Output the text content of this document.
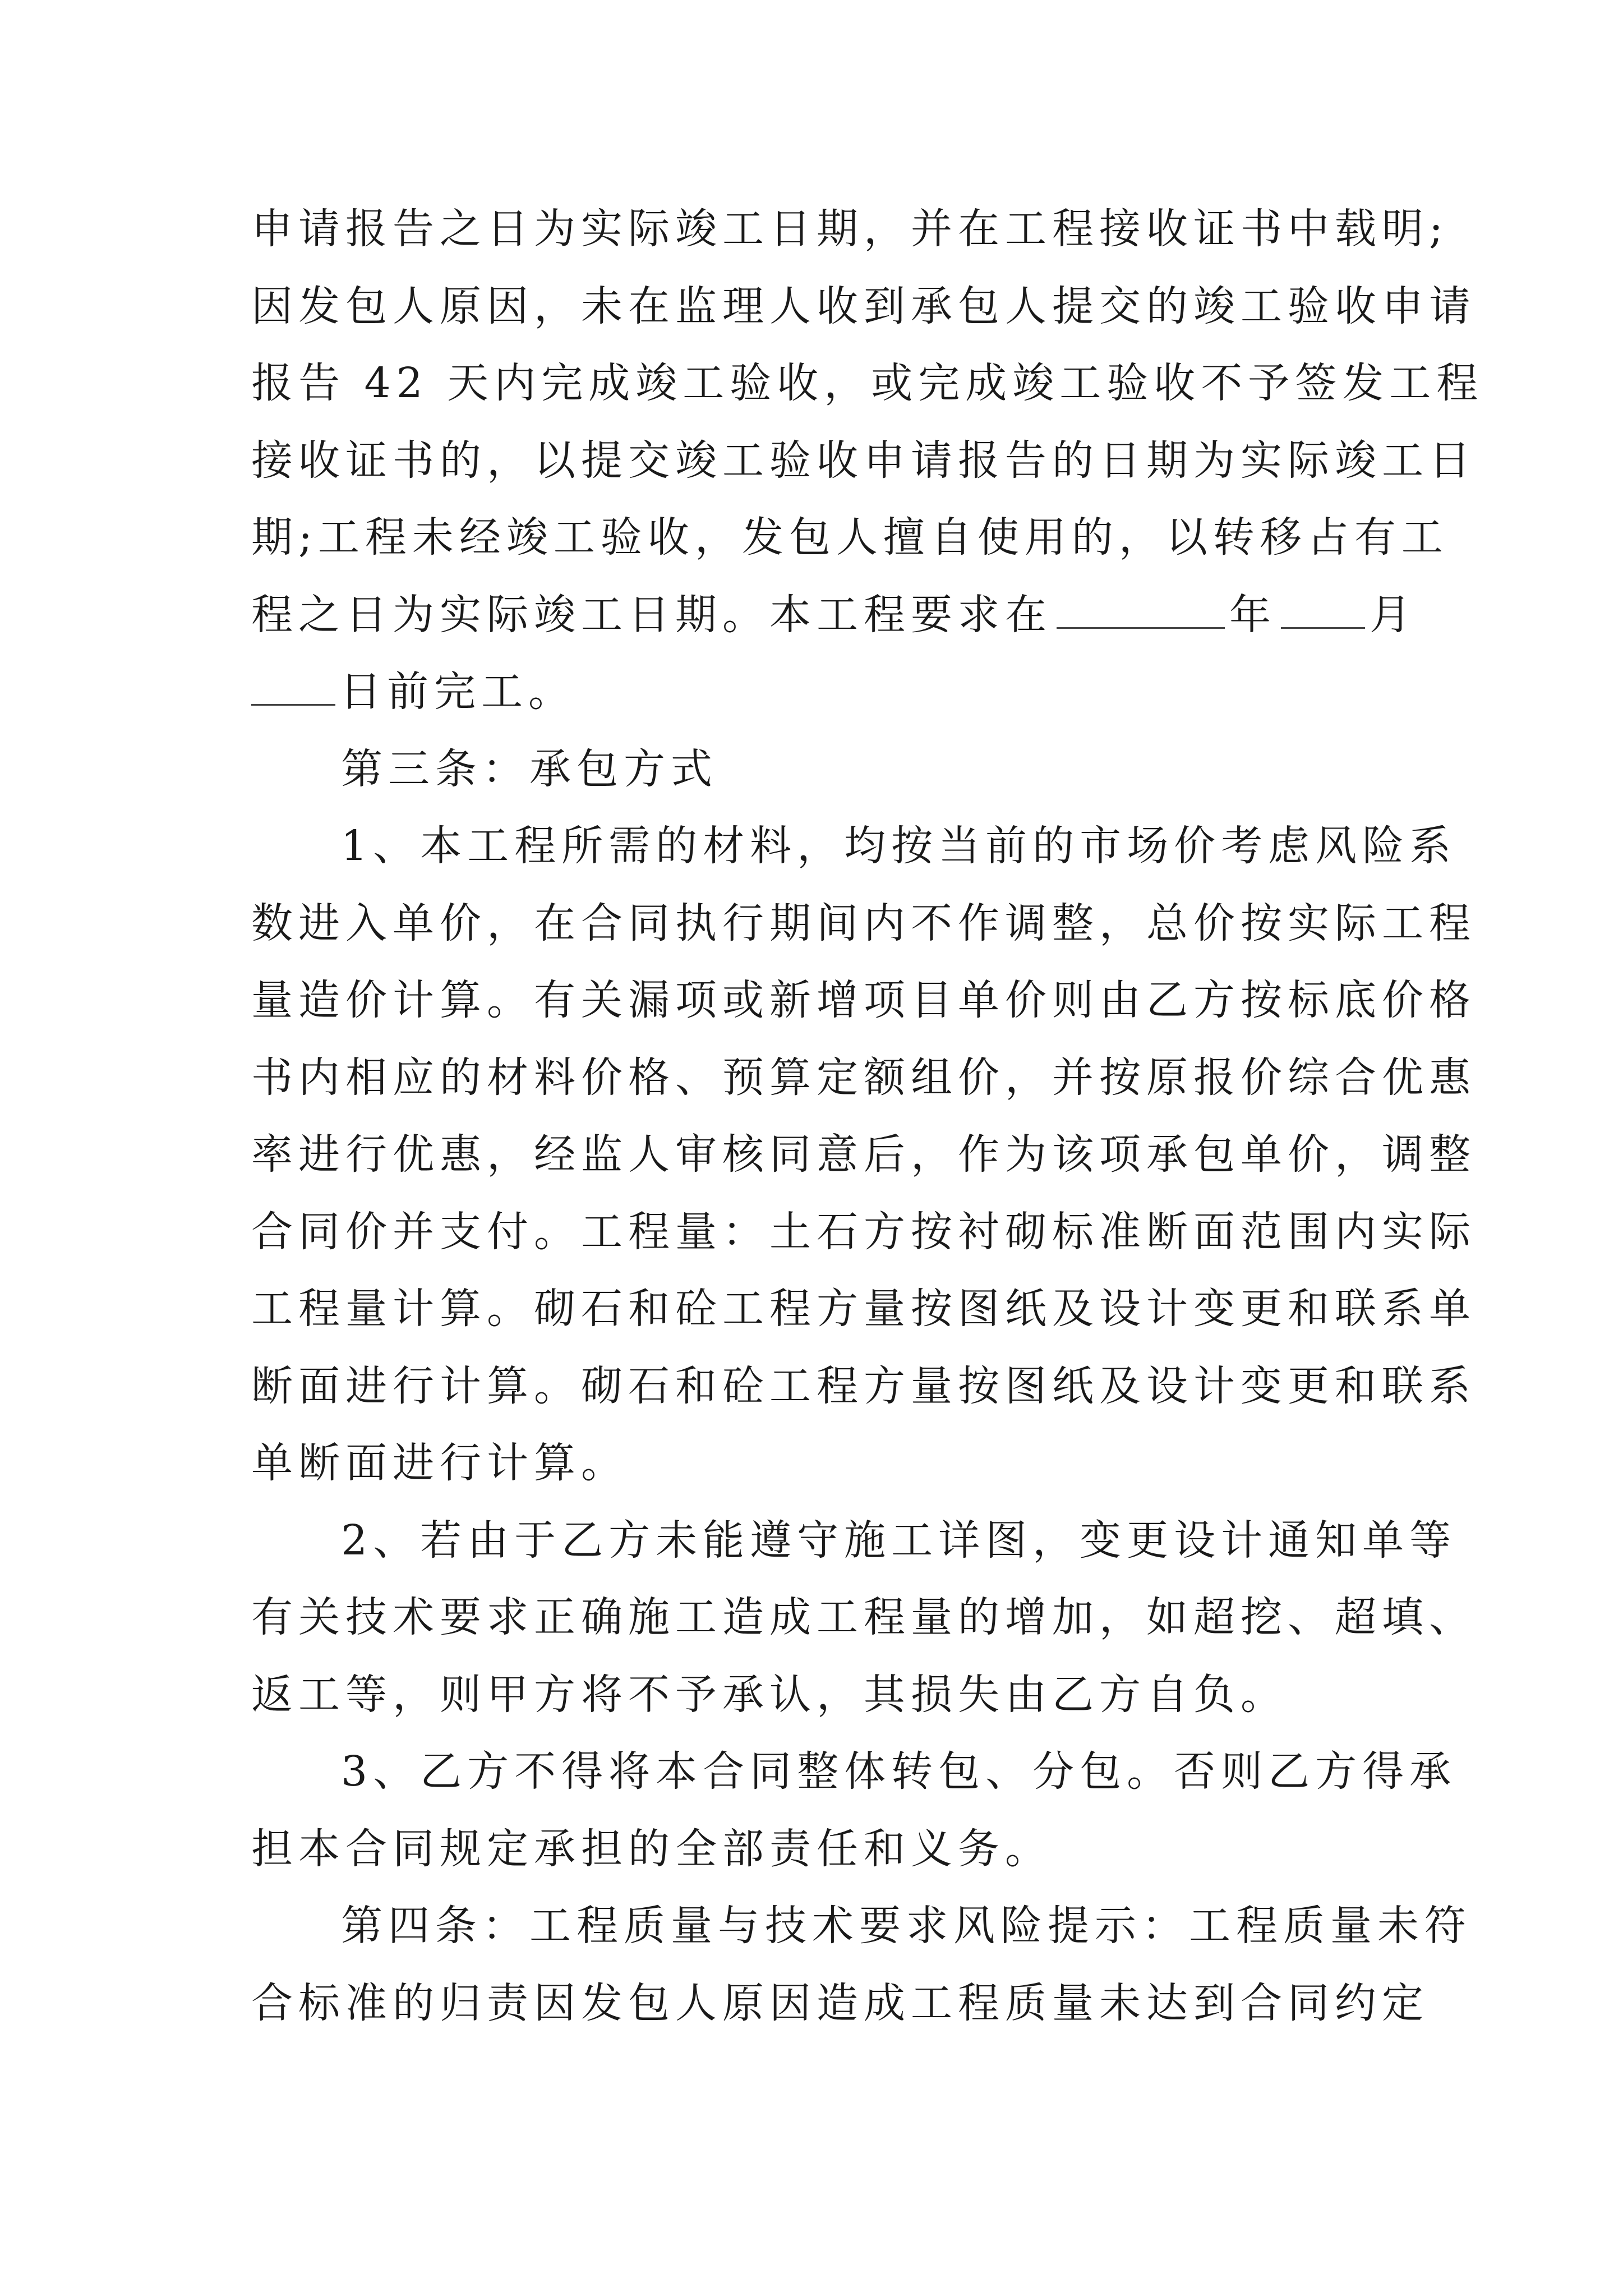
申请报告之日为实际竣工日期，并在工程接收证书中载明;
因发包人原因，未在监理人收到承包人提交的竣工验收申请
报告 42 天内完成竣工验收，或完成竣工验收不予签发工程
接收证书的，以提交竣工验收申请报告的日期为实际竣工日
期;工程未经竣工验收，发包人擅自使用的，以转移占有工
程之日为实际竣工日期。本工程要求在	年 月
日前完工。
第三条：承包方式
1、本工程所需的材料，均按当前的市场价考虑风险系
数进入单价，在合同执行期间内不作调整，总价按实际工程
量造价计算。有关漏项或新增项目单价则由乙方按标底价格
书内相应的材料价格、预算定额组价，并按原报价综合优惠
率进行优惠，经监人审核同意后，作为该项承包单价，调整
合同价并支付。工程量：土石方按衬砌标准断面范围内实际
工程量计算。砌石和砼工程方量按图纸及设计变更和联系单
断面进行计算。砌石和砼工程方量按图纸及设计变更和联系
单断面进行计算。
2、若由于乙方未能遵守施工详图，变更设计通知单等
有关技术要求正确施工造成工程量的增加，如超挖、超填、
返工等，则甲方将不予承认，其损失由乙方自负。
3、乙方不得将本合同整体转包、分包。否则乙方得承
担本合同规定承担的全部责任和义务。
第四条：工程质量与技术要求风险提示：工程质量未符
合标准的归责因发包人原因造成工程质量未达到合同约定
